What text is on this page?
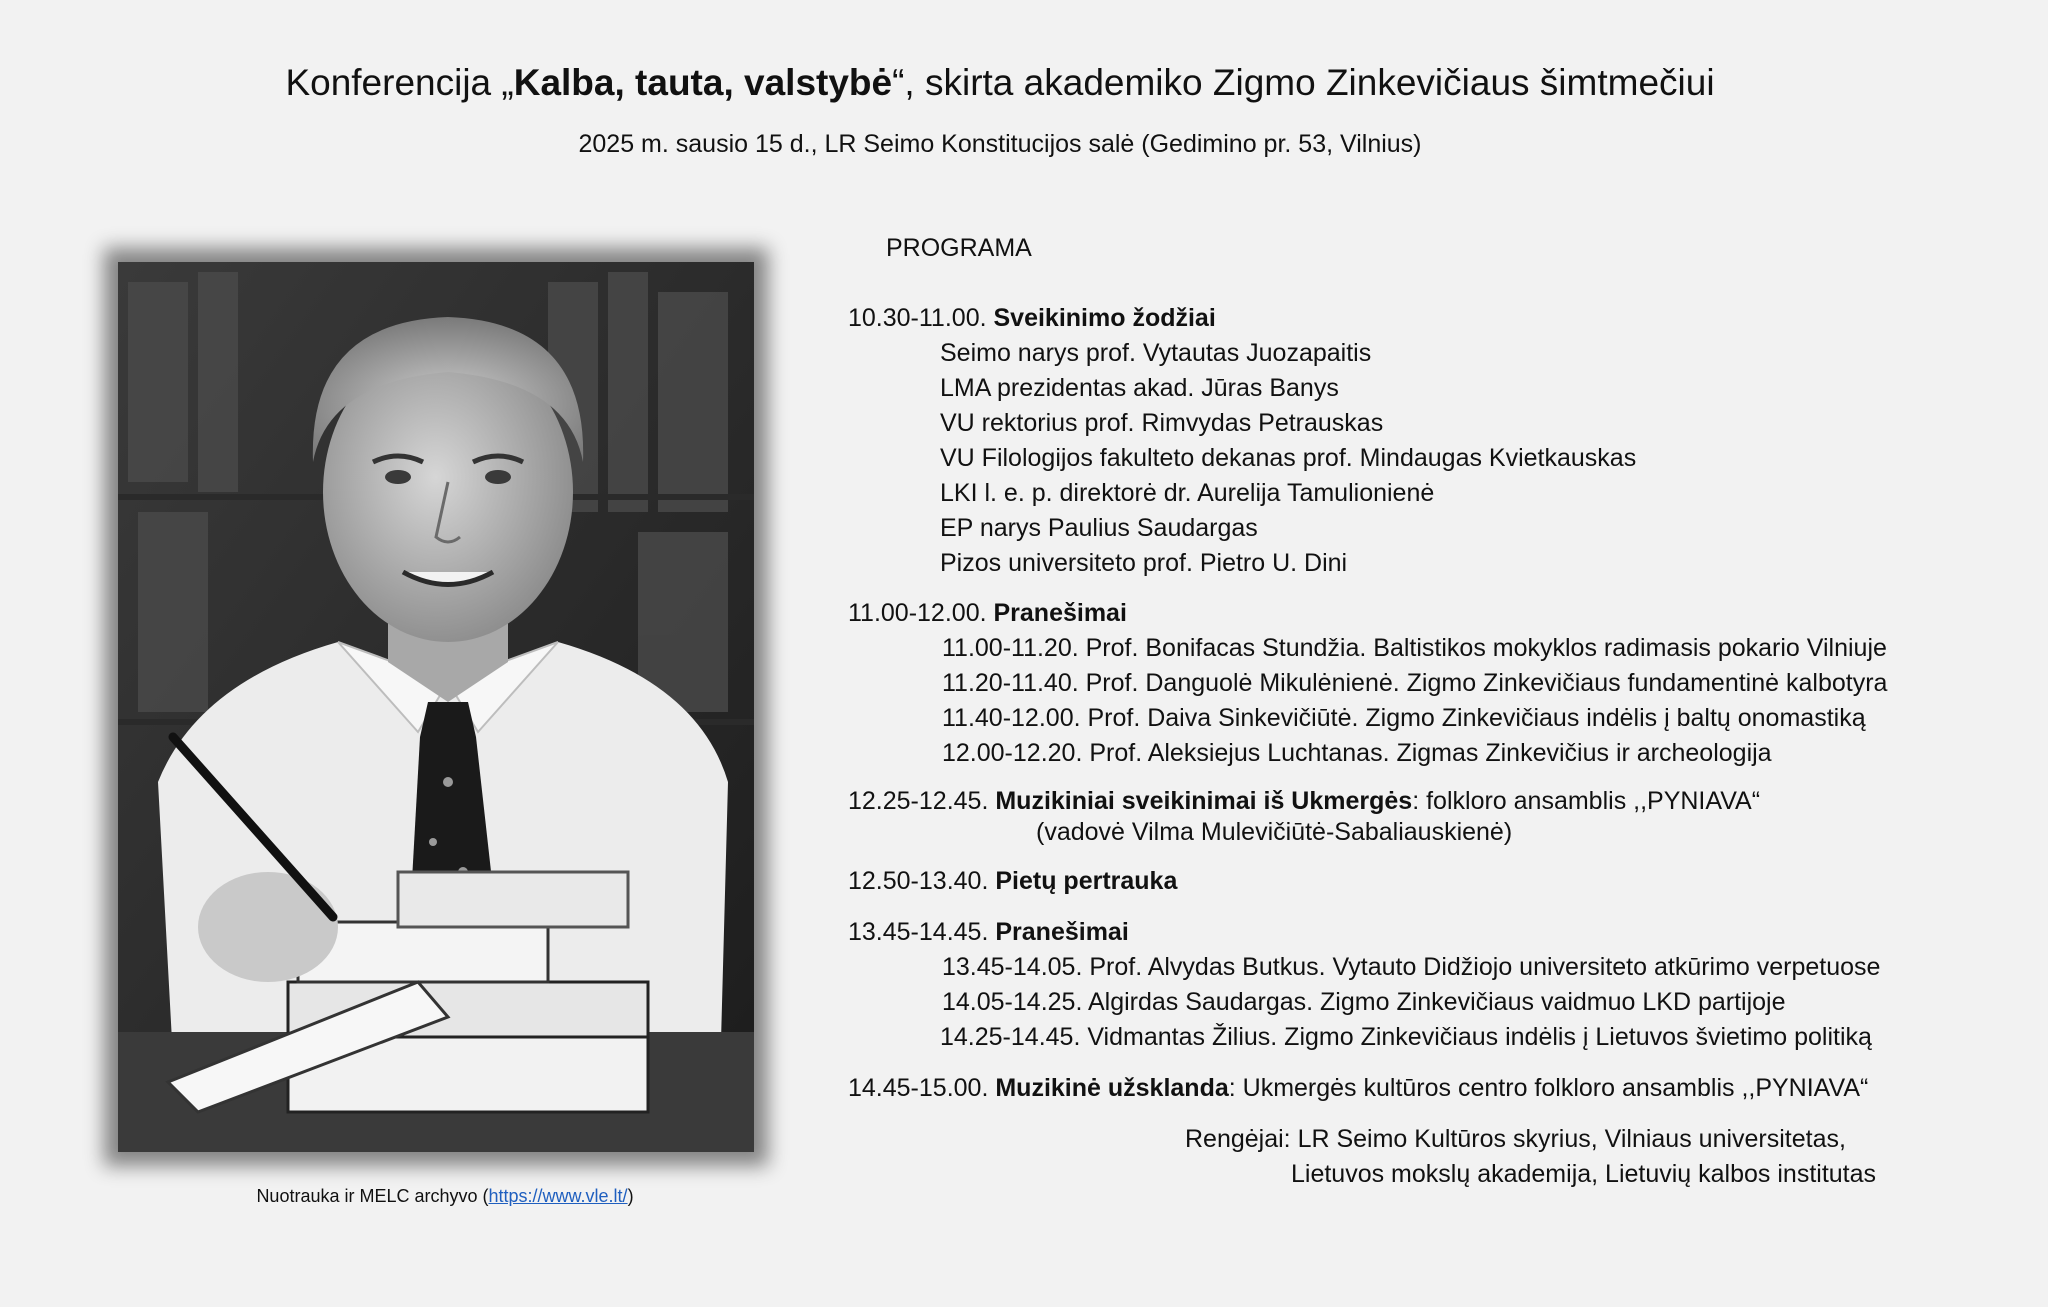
Konferencija „Kalba, tauta, valstybė“, skirta akademiko Zigmo Zinkevičiaus šimtmečiui
2025 m. sausio 15 d., LR Seimo Konstitucijos salė (Gedimino pr. 53, Vilnius)
Nuotrauka ir MELC archyvo (https://www.vle.lt/)
PROGRAMA
10.30-11.00. Sveikinimo žodžiai
Seimo narys prof. Vytautas Juozapaitis
LMA prezidentas akad. Jūras Banys
VU rektorius prof. Rimvydas Petrauskas
VU Filologijos fakulteto dekanas prof. Mindaugas Kvietkauskas
LKI l. e. p. direktorė dr. Aurelija Tamulionienė
EP narys Paulius Saudargas
Pizos universiteto prof. Pietro U. Dini
11.00-12.00. Pranešimai
11.00-11.20. Prof. Bonifacas Stundžia. Baltistikos mokyklos radimasis pokario Vilniuje
11.20-11.40. Prof. Danguolė Mikulėnienė. Zigmo Zinkevičiaus fundamentinė kalbotyra
11.40-12.00. Prof. Daiva Sinkevičiūtė. Zigmo Zinkevičiaus indėlis į baltų onomastiką
12.00-12.20. Prof. Aleksiejus Luchtanas. Zigmas Zinkevičius ir archeologija
12.25-12.45. Muzikiniai sveikinimai iš Ukmergės: folkloro ansamblis ,,PYNIAVA“
(vadovė Vilma Mulevičiūtė-Sabaliauskienė)
12.50-13.40. Pietų pertrauka
13.45-14.45. Pranešimai
13.45-14.05. Prof. Alvydas Butkus. Vytauto Didžiojo universiteto atkūrimo verpetuose
14.05-14.25. Algirdas Saudargas. Zigmo Zinkevičiaus vaidmuo LKD partijoje
14.25-14.45. Vidmantas Žilius. Zigmo Zinkevičiaus indėlis į Lietuvos švietimo politiką
14.45-15.00. Muzikinė užsklanda: Ukmergės kultūros centro folkloro ansamblis ,,PYNIAVA“
Rengėjai: LR Seimo Kultūros skyrius, Vilniaus universitetas,
Lietuvos mokslų akademija, Lietuvių kalbos institutas
